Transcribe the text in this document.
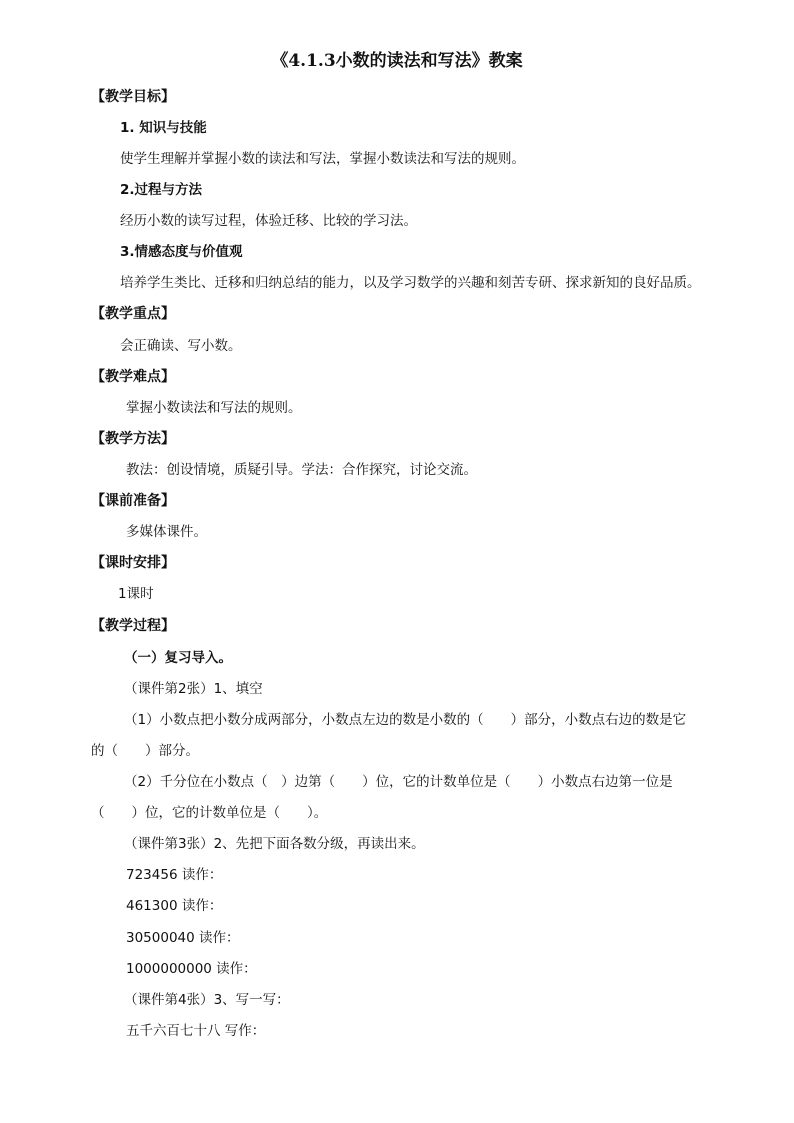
《4.1.3小数的读法和写法》教案
【教学目标】
1. 知识与技能
使学生理解并掌握小数的读法和写法，掌握小数读法和写法的规则。
2.过程与方法
经历小数的读写过程，体验迁移、比较的学习法。
3.情感态度与价值观
培养学生类比、迁移和归纳总结的能力，以及学习数学的兴趣和刻苦专研、探求新知的良好品质。
【教学重点】
会正确读、写小数。
【教学难点】
掌握小数读法和写法的规则。
【教学方法】
教法：创设情境，质疑引导。学法：合作探究，讨论交流。
【课前准备】
多媒体课件。
【课时安排】
1课时
【教学过程】
（一）复习导入。
（课件第2张）1、填空
（1）小数点把小数分成两部分，小数点左边的数是小数的（　　）部分，小数点右边的数是它
的（　　）部分。
（2）千分位在小数点（　）边第（　　）位，它的计数单位是（　　）小数点右边第一位是
（　　）位，它的计数单位是（　　）。
（课件第3张）2、先把下面各数分级，再读出来。
723456 读作：
461300 读作：
30500040 读作：
1000000000 读作：
（课件第4张）3、写一写：
五千六百七十八 写作：
